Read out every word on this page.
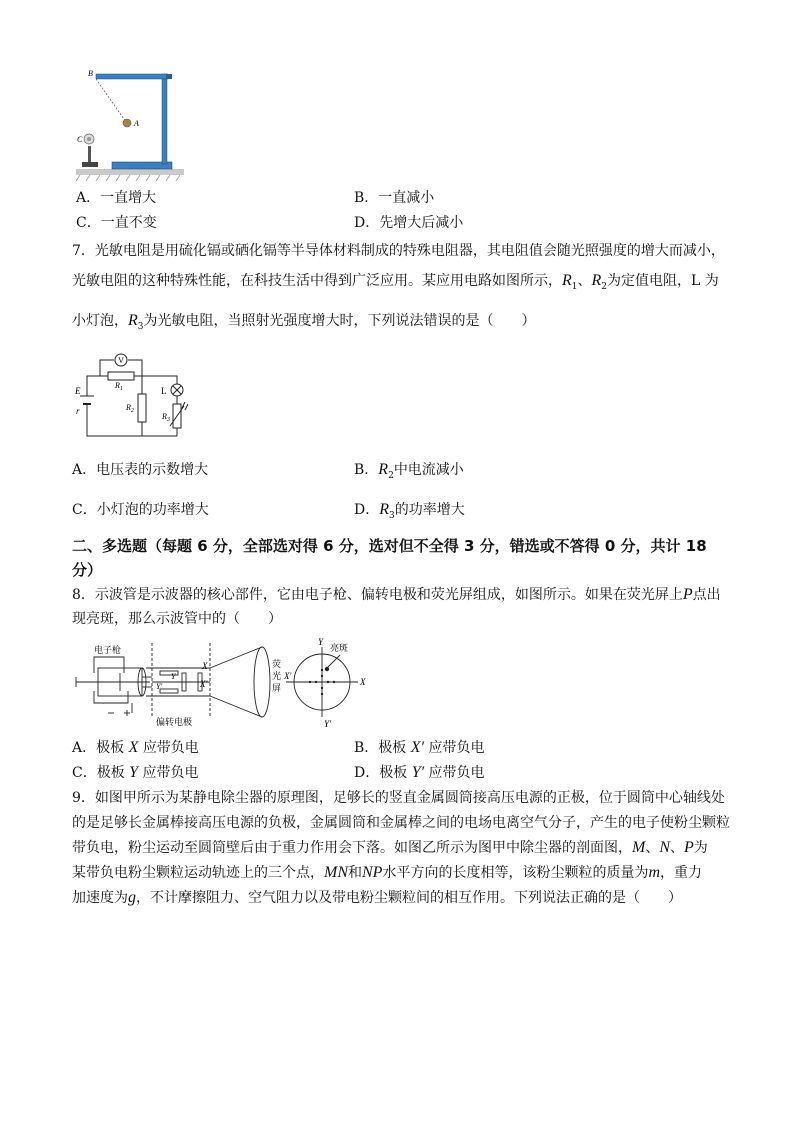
B
A
C
A．一直增大	B．一直减小
C．一直不变	D．先增大后减小
7．光敏电阻是用硫化镉或硒化镉等半导体材料制成的特殊电阻器，其电阻值会随光照强度的增大而减小，
光敏电阻的这种特殊性能，在科技生活中得到广泛应用。某应用电路如图所示，$R_1$、$R_2$为定值电阻，L 为
小灯泡，$R_3$为光敏电阻，当照射光强度增大时，下列说法错误的是（　　）
V
$R_1$
$R_2$
$R_3$
L
E
r
A．电压表的示数增大	B．$R_2$中电流减小
C．小灯泡的功率增大	D．$R_3$的功率增大
二、多选题（每题 6 分，全部选对得 6 分，选对但不全得 3 分，错选或不答得 0 分，共计 18
分）
8．示波管是示波器的核心部件，它由电子枪、偏转电极和荧光屏组成，如图所示。如果在荧光屏上P点出
现亮斑，那么示波管中的（　　）
电子枪
偏转电极
荧
光
屏
X
X′
Y
Y′	X
X′
Y
Y′
亮斑
A．极板 X 应带负电	B．极板 X′ 应带负电
C．极板 Y 应带负电	D．极板 Y′ 应带负电
9．如图甲所示为某静电除尘器的原理图，足够长的竖直金属圆筒接高压电源的正极，位于圆筒中心轴线处
的是足够长金属棒接高压电源的负极，金属圆筒和金属棒之间的电场电离空气分子，产生的电子使粉尘颗粒
带负电，粉尘运动至圆筒壁后由于重力作用会下落。如图乙所示为图甲中除尘器的剖面图，M、N、P为
某带负电粉尘颗粒运动轨迹上的三个点，MN和NP水平方向的长度相等，该粉尘颗粒的质量为m，重力
加速度为g，不计摩擦阻力、空气阻力以及带电粉尘颗粒间的相互作用。下列说法正确的是（　　）
